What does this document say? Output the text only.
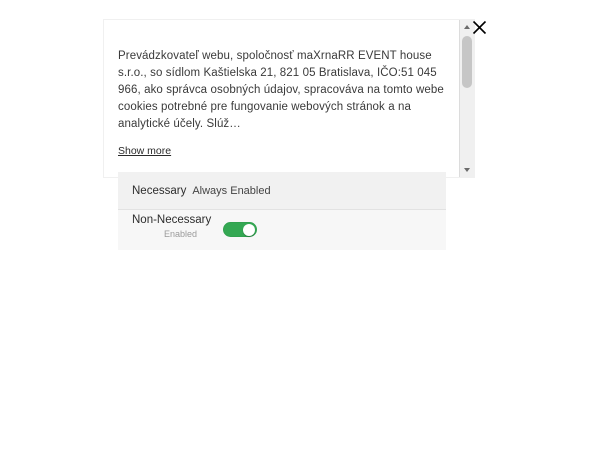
Prevádzkovateľ webu, spoločnosť maXrnaRR EVENT house s.r.o., so sídlom Kaštielska 21, 821 05 Bratislava, IČO:51 045 966, ako správca osobných údajov, spracováva na tomto webe cookies potrebné pre fungovanie webových stránok a na analytické účely. Slúž…

Show more
Necessary Always Enabled
Non-Necessary
Enabled
